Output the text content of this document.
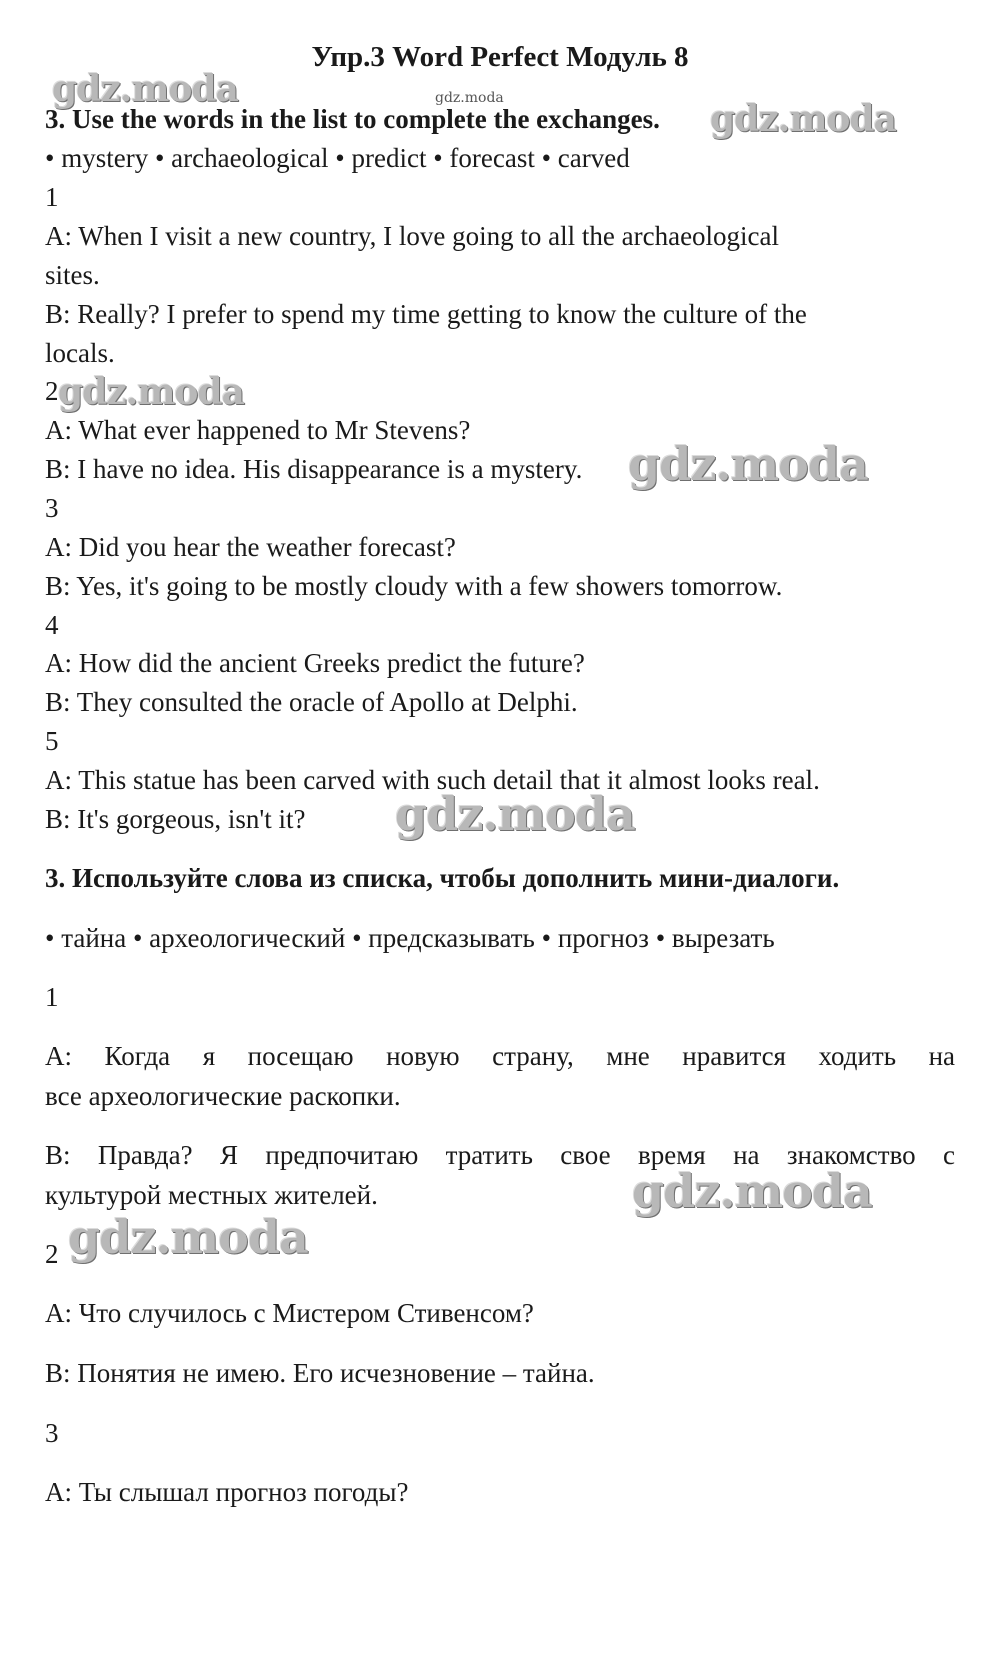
Упр.3 Word Perfect Модуль 8
gdz.moda	gdz.moda	gdz.moda
gdz.moda
gdz.moda
gdz.moda
gdz.moda
gdz.moda

3. Use the words in the list to complete the exchanges.

• mystery • archaeological • predict • forecast • carved

1

A: When I visit a new country, I love going to all the archaeological

sites.

B: Really? I prefer to spend my time getting to know the culture of the

locals.

2

A: What ever happened to Mr Stevens?

B: I have no idea. His disappearance is a mystery.

3

A: Did you hear the weather forecast?

B: Yes, it's going to be mostly cloudy with a few showers tomorrow.

4

A: How did the ancient Greeks predict the future?

B: They consulted the oracle of Apollo at Delphi.

5

A: This statue has been carved with such detail that it almost looks real.

B: It's gorgeous, isn't it?

3. Используйте слова из списка, чтобы дополнить мини-диалоги.

• тайна • археологический • предсказывать • прогноз • вырезать

1

A: Когда я посещаю новую страну, мне нравится ходить на

все археологические раскопки.

B: Правда? Я предпочитаю тратить свое время на знакомство с

культурой местных жителей.

2

A: Что случилось с Мистером Стивенсом?

B: Понятия не имею. Его исчезновение – тайна.

3

A: Ты слышал прогноз погоды?
